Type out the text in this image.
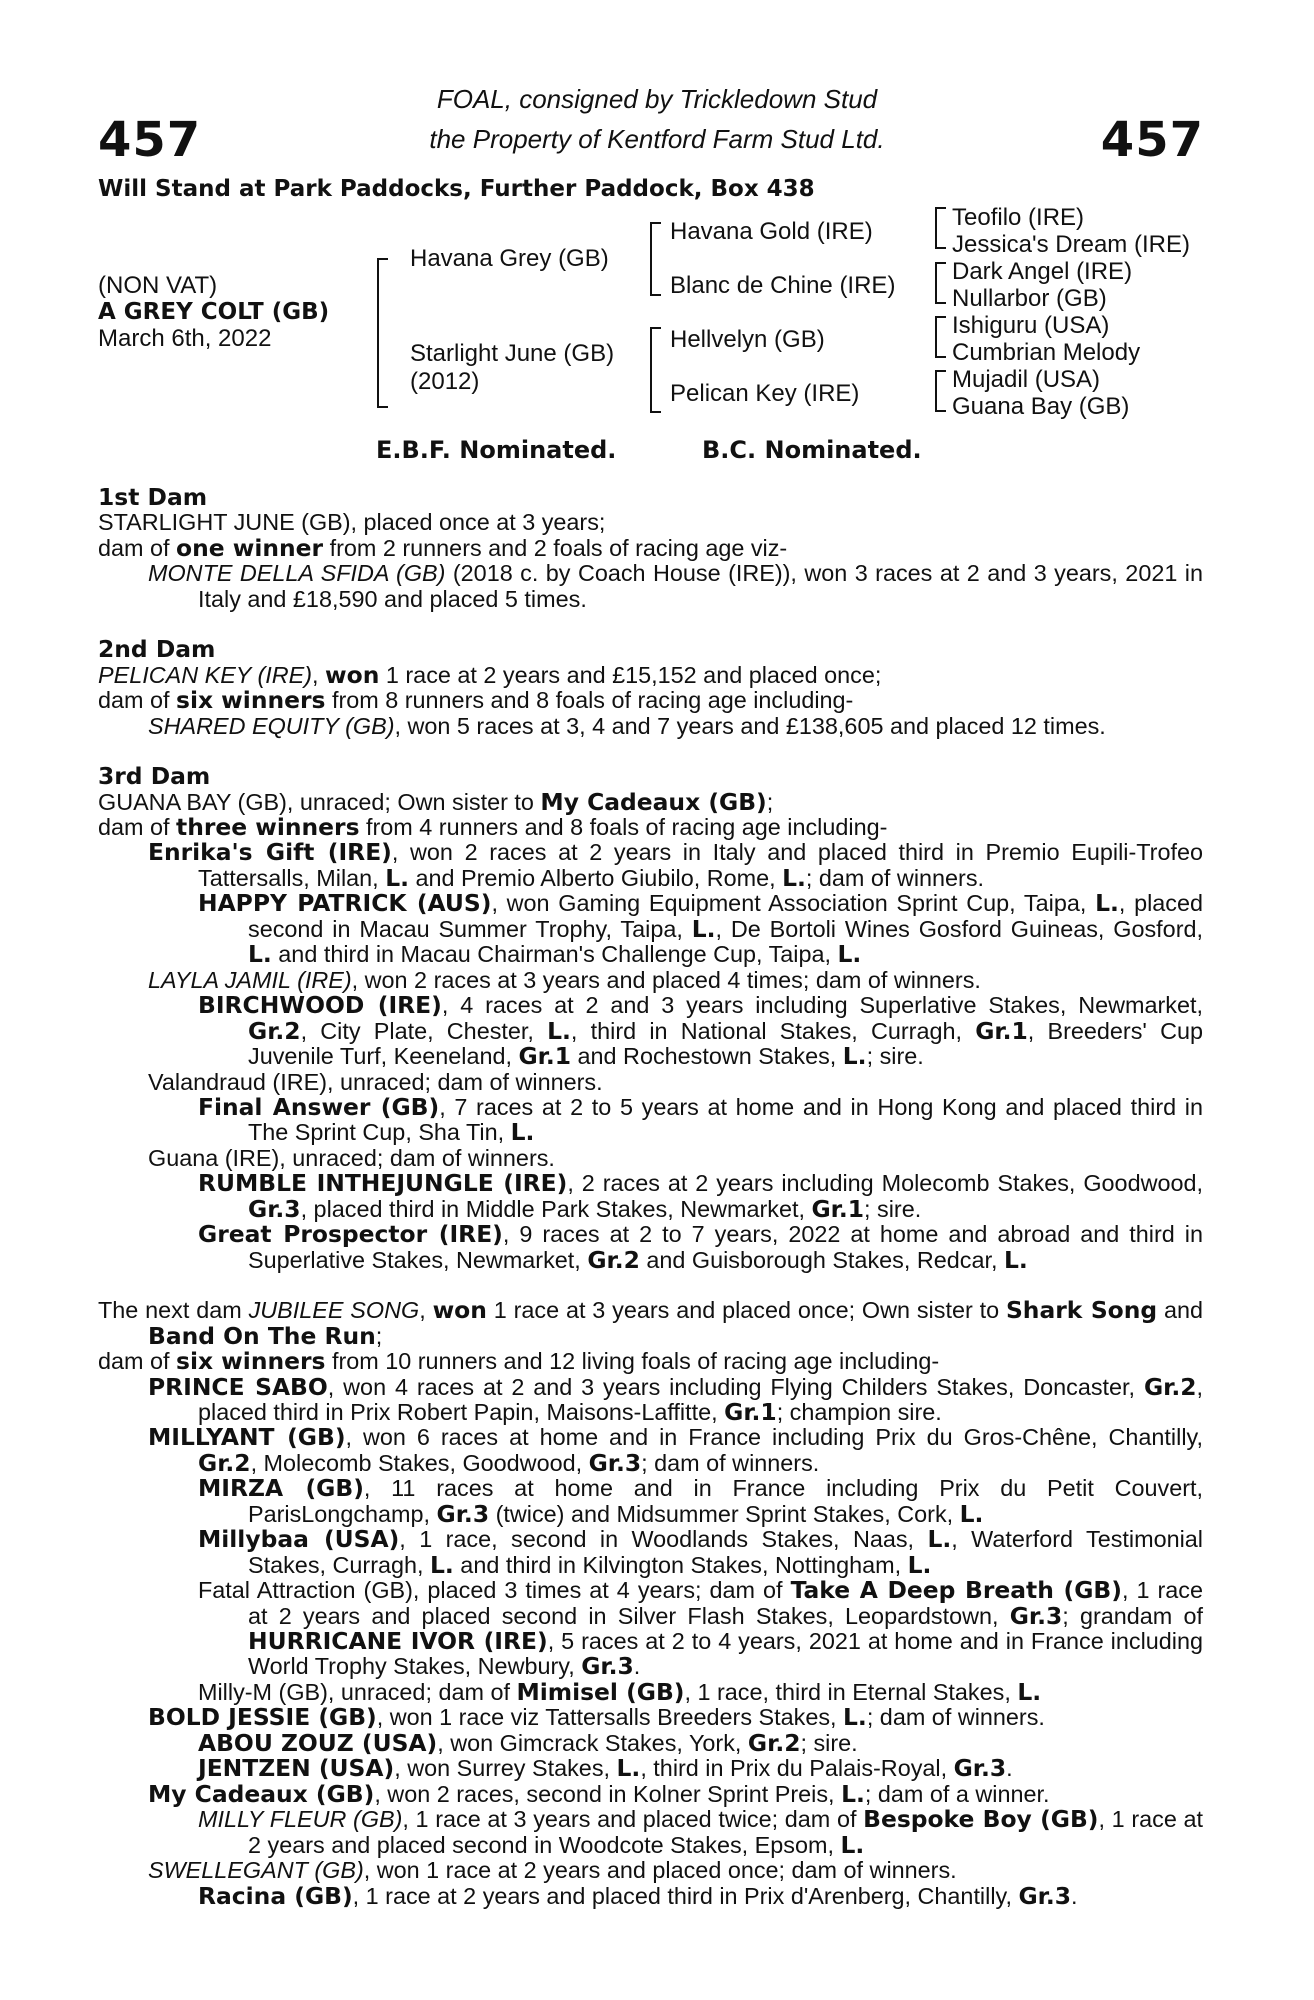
457	457
FOAL, consigned by Trickledown Stud
the Property of Kentford Farm Stud Ltd.
Will Stand at Park Paddocks, Further Paddock, Box 438
(NON VAT)
A GREY COLT (GB)
March 6th, 2022
Havana Grey (GB)
Starlight June (GB)
(2012)
Havana Gold (IRE)
Blanc de Chine (IRE)
Hellvelyn (GB)
Pelican Key (IRE)
Teofilo (IRE)
Jessica's Dream (IRE)
Dark Angel (IRE)
Nullarbor (GB)
Ishiguru (USA)
Cumbrian Melody
Mujadil (USA)
Guana Bay (GB)
E.B.F. Nominated.	B.C. Nominated.

1st Dam

STARLIGHT JUNE (GB), placed once at 3 years;

dam of one winner from 2 runners and 2 foals of racing age viz-

MONTE DELLA SFIDA (GB) (2018 c. by Coach House (IRE)), won 3 races at 2 and 3 years, 2021 in Italy and £18,590 and placed 5 times.

2nd Dam

PELICAN KEY (IRE), won 1 race at 2 years and £15,152 and placed once;

dam of six winners from 8 runners and 8 foals of racing age including-

SHARED EQUITY (GB), won 5 races at 3, 4 and 7 years and £138,605 and placed 12 times.

3rd Dam

GUANA BAY (GB), unraced; Own sister to My Cadeaux (GB);

dam of three winners from 4 runners and 8 foals of racing age including-

Enrika's Gift (IRE), won 2 races at 2 years in Italy and placed third in Premio Eupili-Trofeo Tattersalls, Milan, L. and Premio Alberto Giubilo, Rome, L.; dam of winners.

HAPPY PATRICK (AUS), won Gaming Equipment Association Sprint Cup, Taipa, L., placed second in Macau Summer Trophy, Taipa, L., De Bortoli Wines Gosford Guineas, Gosford, L. and third in Macau Chairman's Challenge Cup, Taipa, L.

LAYLA JAMIL (IRE), won 2 races at 3 years and placed 4 times; dam of winners.

BIRCHWOOD (IRE), 4 races at 2 and 3 years including Superlative Stakes, Newmarket, Gr.2, City Plate, Chester, L., third in National Stakes, Curragh, Gr.1, Breeders' Cup Juvenile Turf, Keeneland, Gr.1 and Rochestown Stakes, L.; sire.

Valandraud (IRE), unraced; dam of winners.

Final Answer (GB), 7 races at 2 to 5 years at home and in Hong Kong and placed third in The Sprint Cup, Sha Tin, L.

Guana (IRE), unraced; dam of winners.

RUMBLE INTHEJUNGLE (IRE), 2 races at 2 years including Molecomb Stakes, Goodwood, Gr.3, placed third in Middle Park Stakes, Newmarket, Gr.1; sire.

Great Prospector (IRE), 9 races at 2 to 7 years, 2022 at home and abroad and third in Superlative Stakes, Newmarket, Gr.2 and Guisborough Stakes, Redcar, L.

The next dam JUBILEE SONG, won 1 race at 3 years and placed once; Own sister to Shark Song and Band On The Run;

dam of six winners from 10 runners and 12 living foals of racing age including-

PRINCE SABO, won 4 races at 2 and 3 years including Flying Childers Stakes, Doncaster, Gr.2, placed third in Prix Robert Papin, Maisons-Laffitte, Gr.1; champion sire.

MILLYANT (GB), won 6 races at home and in France including Prix du Gros-Chêne, Chantilly, Gr.2, Molecomb Stakes, Goodwood, Gr.3; dam of winners.

MIRZA (GB), 11 races at home and in France including Prix du Petit Couvert, ParisLongchamp, Gr.3 (twice) and Midsummer Sprint Stakes, Cork, L.

Millybaa (USA), 1 race, second in Woodlands Stakes, Naas, L., Waterford Testimonial Stakes, Curragh, L. and third in Kilvington Stakes, Nottingham, L.

Fatal Attraction (GB), placed 3 times at 4 years; dam of Take A Deep Breath (GB), 1 race at 2 years and placed second in Silver Flash Stakes, Leopardstown, Gr.3; grandam of HURRICANE IVOR (IRE), 5 races at 2 to 4 years, 2021 at home and in France including World Trophy Stakes, Newbury, Gr.3.

Milly-M (GB), unraced; dam of Mimisel (GB), 1 race, third in Eternal Stakes, L.

BOLD JESSIE (GB), won 1 race viz Tattersalls Breeders Stakes, L.; dam of winners.

ABOU ZOUZ (USA), won Gimcrack Stakes, York, Gr.2; sire.

JENTZEN (USA), won Surrey Stakes, L., third in Prix du Palais-Royal, Gr.3.

My Cadeaux (GB), won 2 races, second in Kolner Sprint Preis, L.; dam of a winner.

MILLY FLEUR (GB), 1 race at 3 years and placed twice; dam of Bespoke Boy (GB), 1 race at 2 years and placed second in Woodcote Stakes, Epsom, L.

SWELLEGANT (GB), won 1 race at 2 years and placed once; dam of winners.

Racina (GB), 1 race at 2 years and placed third in Prix d'Arenberg, Chantilly, Gr.3.
